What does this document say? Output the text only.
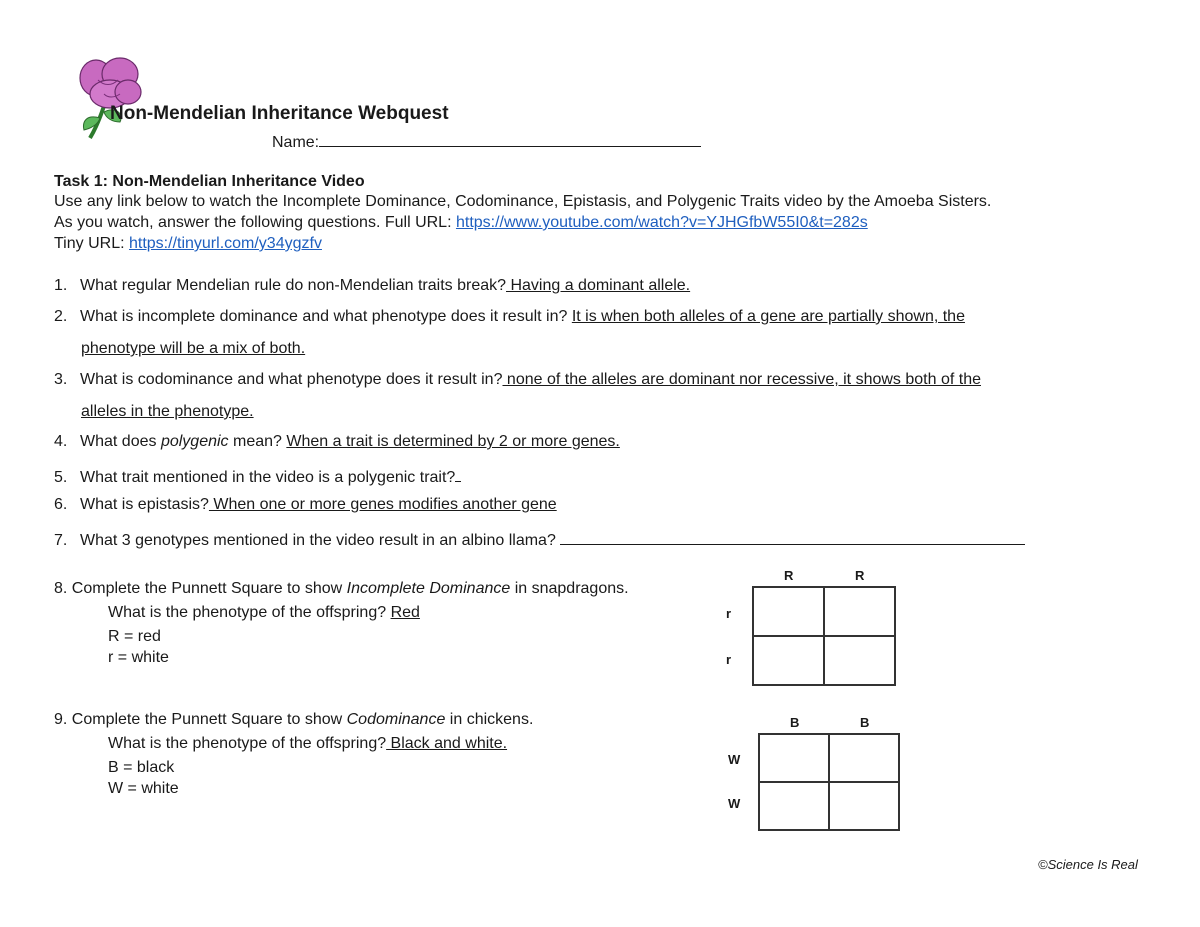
Non-Mendelian Inheritance Webquest
Name:
Task 1: Non-Mendelian Inheritance Video
Use any link below to watch the Incomplete Dominance, Codominance, Epistasis, and Polygenic Traits video by the Amoeba Sisters.
As you watch, answer the following questions. Full URL: https://www.youtube.com/watch?v=YJHGfbW55I0&t=282s
Tiny URL: https://tinyurl.com/y34ygzfv
1. What regular Mendelian rule do non-Mendelian traits break? Having a dominant allele.
2. What is incomplete dominance and what phenotype does it result in? It is when both alleles of a gene are partially shown, the
phenotype will be a mix of both.
3. What is codominance and what phenotype does it result in? none of the alleles are dominant nor recessive, it shows both of the
alleles in the phenotype.
4. What does polygenic mean? When a trait is determined by 2 or more genes.
5. What trait mentioned in the video is a polygenic trait?
6. What is epistasis? When one or more genes modifies another gene
7. What 3 genotypes mentioned in the video result in an albino llama?
8. Complete the Punnett Square to show Incomplete Dominance in snapdragons.
What is the phenotype of the offspring? Red
R = red
r = white
R	R
r
r
9. Complete the Punnett Square to show Codominance in chickens.
What is the phenotype of the offspring? Black and white.
B = black
W = white
B	B
W
W
©Science Is Real
